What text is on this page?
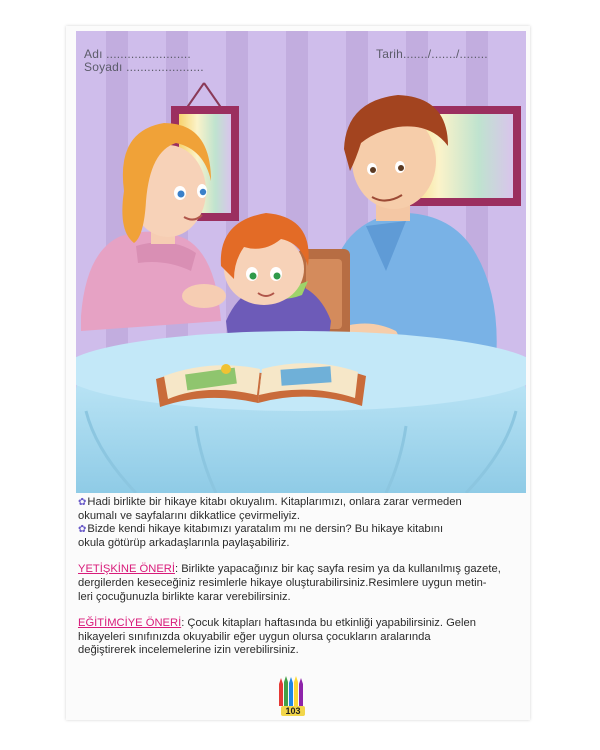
Adı ........................
Soyadı ......................
Tarih......./......./........

✿Hadi birlikte bir hikaye kitabı okuyalım. Kitaplarımızı, onlara zarar vermeden
okumalı ve sayfalarını dikkatlice çevirmeliyiz.

✿Bizde kendi hikaye kitabımızı yaratalım mı ne dersin? Bu hikaye kitabını
okula götürüp arkadaşlarınla paylaşabiliriz.

YETİŞKİNE ÖNERİ: Birlikte yapacağınız bir kaç sayfa resim ya da kullanılmış gazete,
dergilerden keseceğiniz resimlerle hikaye oluşturabilirsiniz.Resimlere uygun metin-
leri çocuğunuzla birlikte karar verebilirsiniz.

EĞİTİMCİYE ÖNERİ: Çocuk kitapları haftasında bu etkinliği yapabilirsiniz. Gelen
hikayeleri sınıfınızda okuyabilir eğer uygun olursa çocukların aralarında
değiştirerek incelemelerine izin verebilirsiniz.

103
